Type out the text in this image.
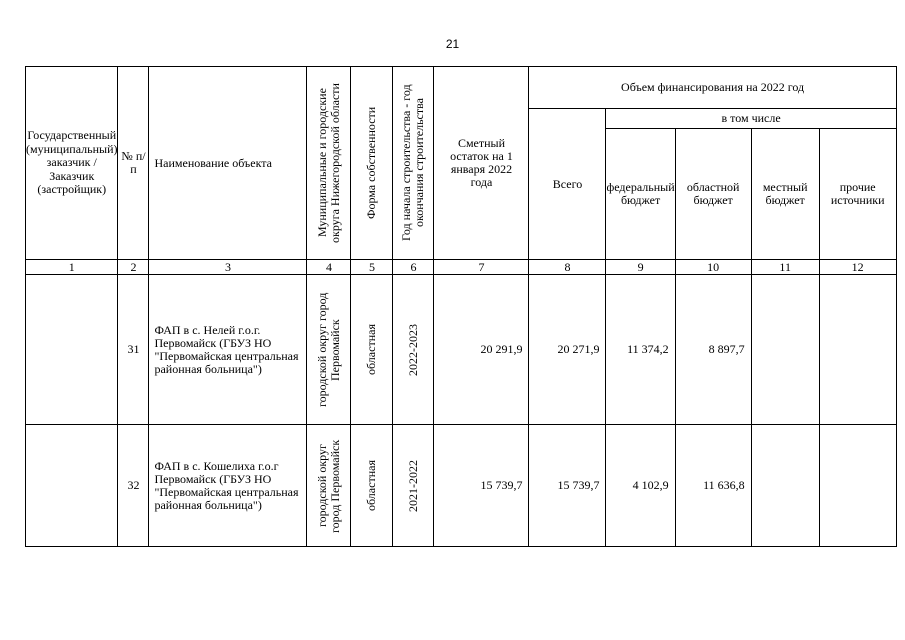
21
Государственный (муниципальный) заказчик / Заказчик (застройщик)	№ п/п	Наименование объекта	Муниципальные и городские округа Нижегородской области	Форма собственности	Год начала строительства - год окончания строительства	Сметный остаток на 1 января 2022 года	Объем финансирования на 2022 год				
							Всего	в том числе			
								федеральный бюджет	областной бюджет	местный бюджет	прочие источники
1	2	3	4	5	6	7	8	9	10	11	12
	31	ФАП в с. Нелей г.о.г. Первомайск (ГБУЗ НО "Первомайская центральная районная больница")	городской округ город Первомайск	областная	2022-2023	20 291,9	20 271,9	11 374,2	8 897,7		
	32	ФАП в с. Кошелиха г.о.г Первомайск (ГБУЗ НО "Первомайская центральная районная больница")	городской округ город Первомайск	областная	2021-2022	15 739,7	15 739,7	4 102,9	11 636,8		
